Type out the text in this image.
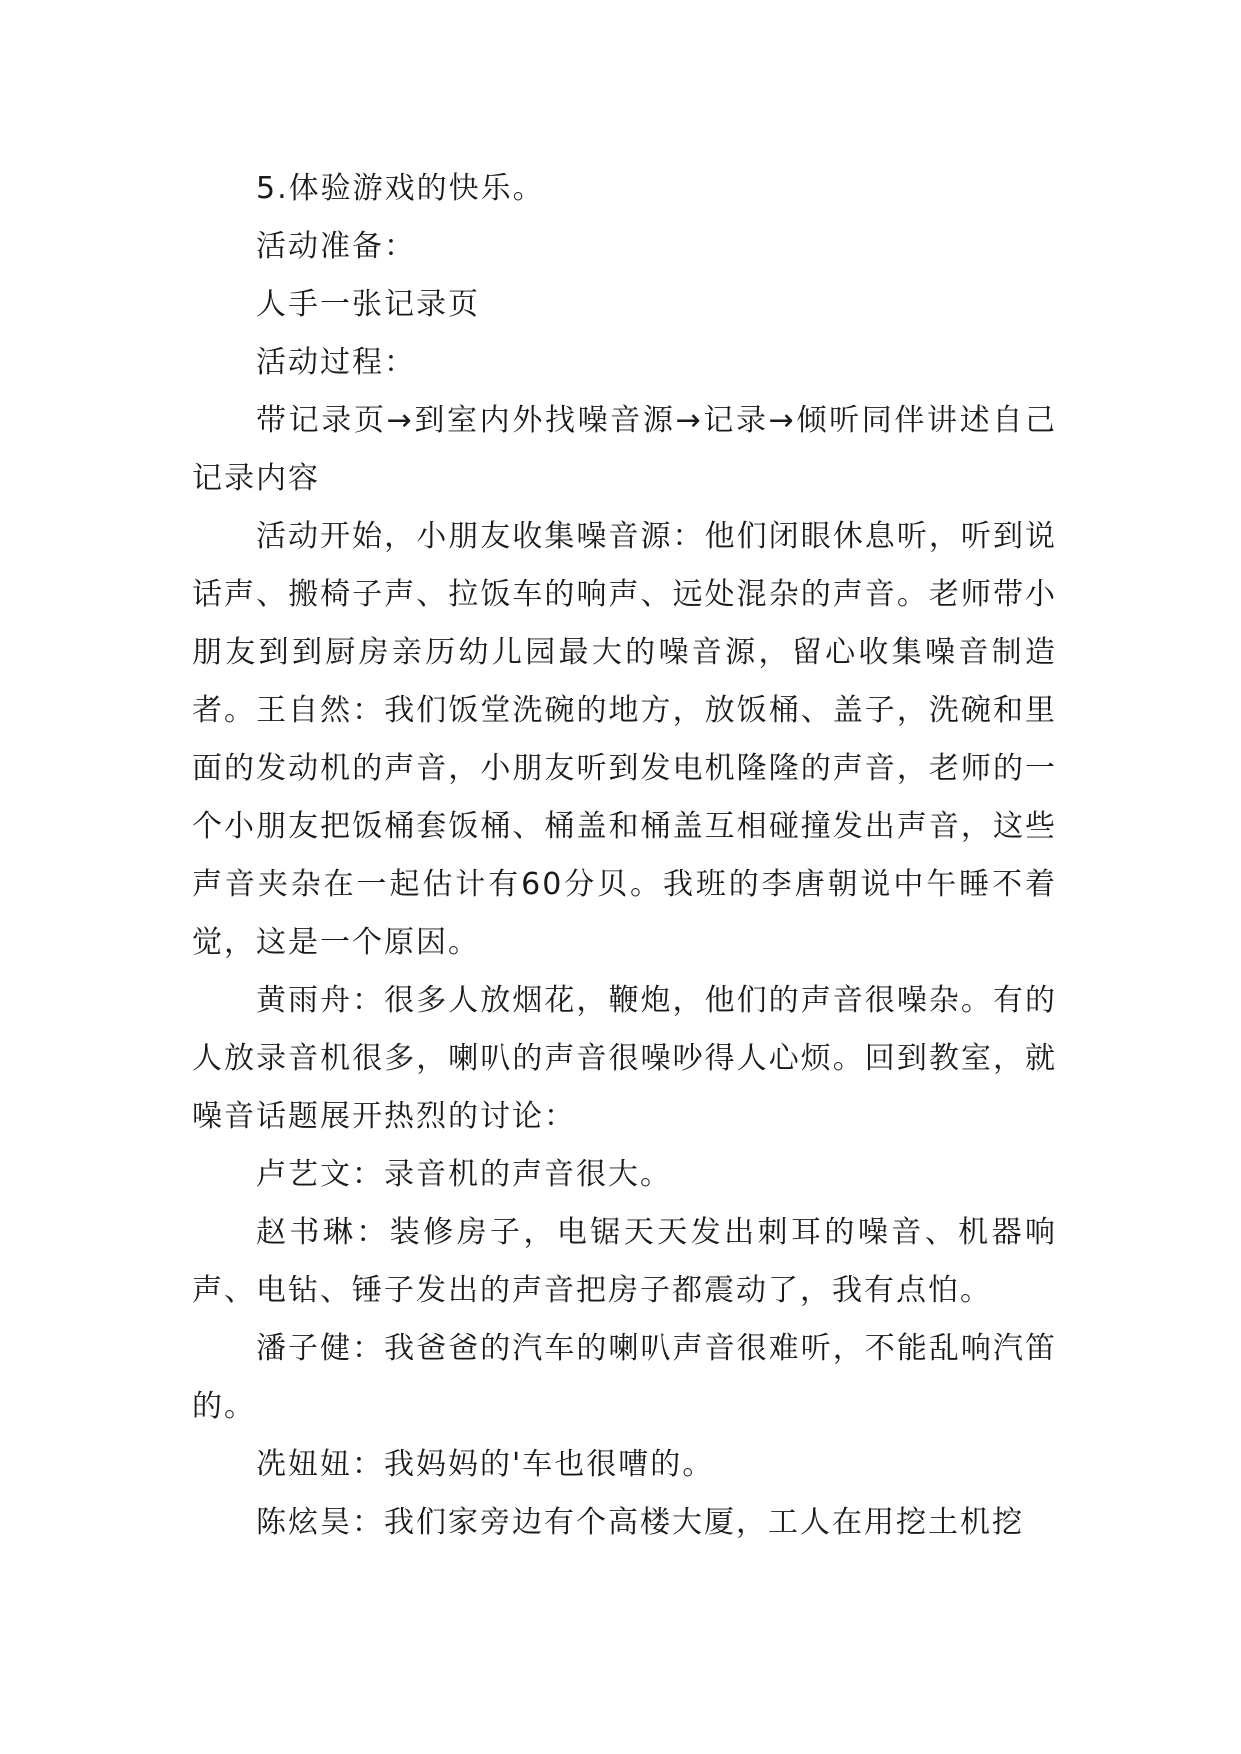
5.体验游戏的快乐。

活动准备：

人手一张记录页

活动过程：

带记录页→到室内外找噪音源→记录→倾听同伴讲述自己记录内容

活动开始，小朋友收集噪音源：他们闭眼休息听，听到说话声、搬椅子声、拉饭车的响声、远处混杂的声音。老师带小朋友到到厨房亲历幼儿园最大的噪音源，留心收集噪音制造者。王自然：我们饭堂洗碗的地方，放饭桶、盖子，洗碗和里面的发动机的声音，小朋友听到发电机隆隆的声音，老师的一个小朋友把饭桶套饭桶、桶盖和桶盖互相碰撞发出声音，这些声音夹杂在一起估计有60分贝。我班的李唐朝说中午睡不着觉，这是一个原因。

黄雨舟：很多人放烟花，鞭炮，他们的声音很噪杂。有的人放录音机很多，喇叭的声音很噪吵得人心烦。回到教室，就噪音话题展开热烈的讨论：

卢艺文：录音机的声音很大。

赵书琳：装修房子，电锯天天发出刺耳的噪音、机器响声、电钻、锤子发出的声音把房子都震动了，我有点怕。

潘子健：我爸爸的汽车的喇叭声音很难听，不能乱响汽笛的。

冼妞妞：我妈妈的'车也很嘈的。

陈炫昊：我们家旁边有个高楼大厦，工人在用挖土机挖
